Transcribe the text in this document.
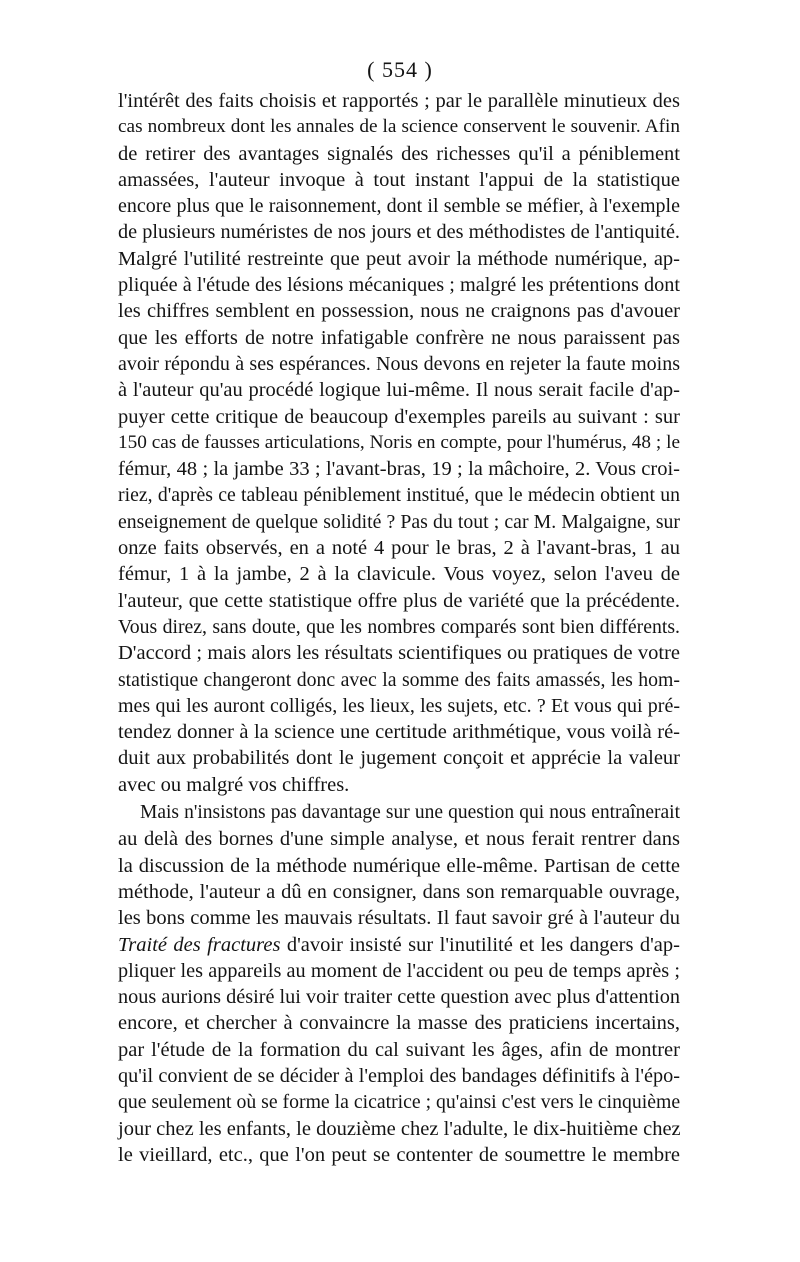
( 554 )
l'intérêt des faits choisis et rapportés ; par le parallèle minutieux des
cas nombreux dont les annales de la science conservent le souvenir. Afin
de retirer des avantages signalés des richesses qu'il a péniblement
amassées, l'auteur invoque à tout instant l'appui de la statistique
encore plus que le raisonnement, dont il semble se méfier, à l'exemple
de plusieurs numéristes de nos jours et des méthodistes de l'antiquité.
Malgré l'utilité restreinte que peut avoir la méthode numérique, ap-
pliquée à l'étude des lésions mécaniques ; malgré les prétentions dont
les chiffres semblent en possession, nous ne craignons pas d'avouer
que les efforts de notre infatigable confrère ne nous paraissent pas
avoir répondu à ses espérances. Nous devons en rejeter la faute moins
à l'auteur qu'au procédé logique lui-même. Il nous serait facile d'ap-
puyer cette critique de beaucoup d'exemples pareils au suivant : sur
150 cas de fausses articulations, Noris en compte, pour l'humérus, 48 ; le
fémur, 48 ; la jambe 33 ; l'avant-bras, 19 ; la mâchoire, 2. Vous croi-
riez, d'après ce tableau péniblement institué, que le médecin obtient un
enseignement de quelque solidité ? Pas du tout ; car M. Malgaigne, sur
onze faits observés, en a noté 4 pour le bras, 2 à l'avant-bras, 1 au
fémur, 1 à la jambe, 2 à la clavicule. Vous voyez, selon l'aveu de
l'auteur, que cette statistique offre plus de variété que la précédente.
Vous direz, sans doute, que les nombres comparés sont bien différents.
D'accord ; mais alors les résultats scientifiques ou pratiques de votre
statistique changeront donc avec la somme des faits amassés, les hom-
mes qui les auront colligés, les lieux, les sujets, etc. ? Et vous qui pré-
tendez donner à la science une certitude arithmétique, vous voilà ré-
duit aux probabilités dont le jugement conçoit et apprécie la valeur
avec ou malgré vos chiffres.
Mais n'insistons pas davantage sur une question qui nous entraînerait
au delà des bornes d'une simple analyse, et nous ferait rentrer dans
la discussion de la méthode numérique elle-même. Partisan de cette
méthode, l'auteur a dû en consigner, dans son remarquable ouvrage,
les bons comme les mauvais résultats. Il faut savoir gré à l'auteur du
Traité des fractures d'avoir insisté sur l'inutilité et les dangers d'ap-
pliquer les appareils au moment de l'accident ou peu de temps après ;
nous aurions désiré lui voir traiter cette question avec plus d'attention
encore, et chercher à convaincre la masse des praticiens incertains,
par l'étude de la formation du cal suivant les âges, afin de montrer
qu'il convient de se décider à l'emploi des bandages définitifs à l'épo-
que seulement où se forme la cicatrice ; qu'ainsi c'est vers le cinquième
jour chez les enfants, le douzième chez l'adulte, le dix-huitième chez
le vieillard, etc., que l'on peut se contenter de soumettre le membre
